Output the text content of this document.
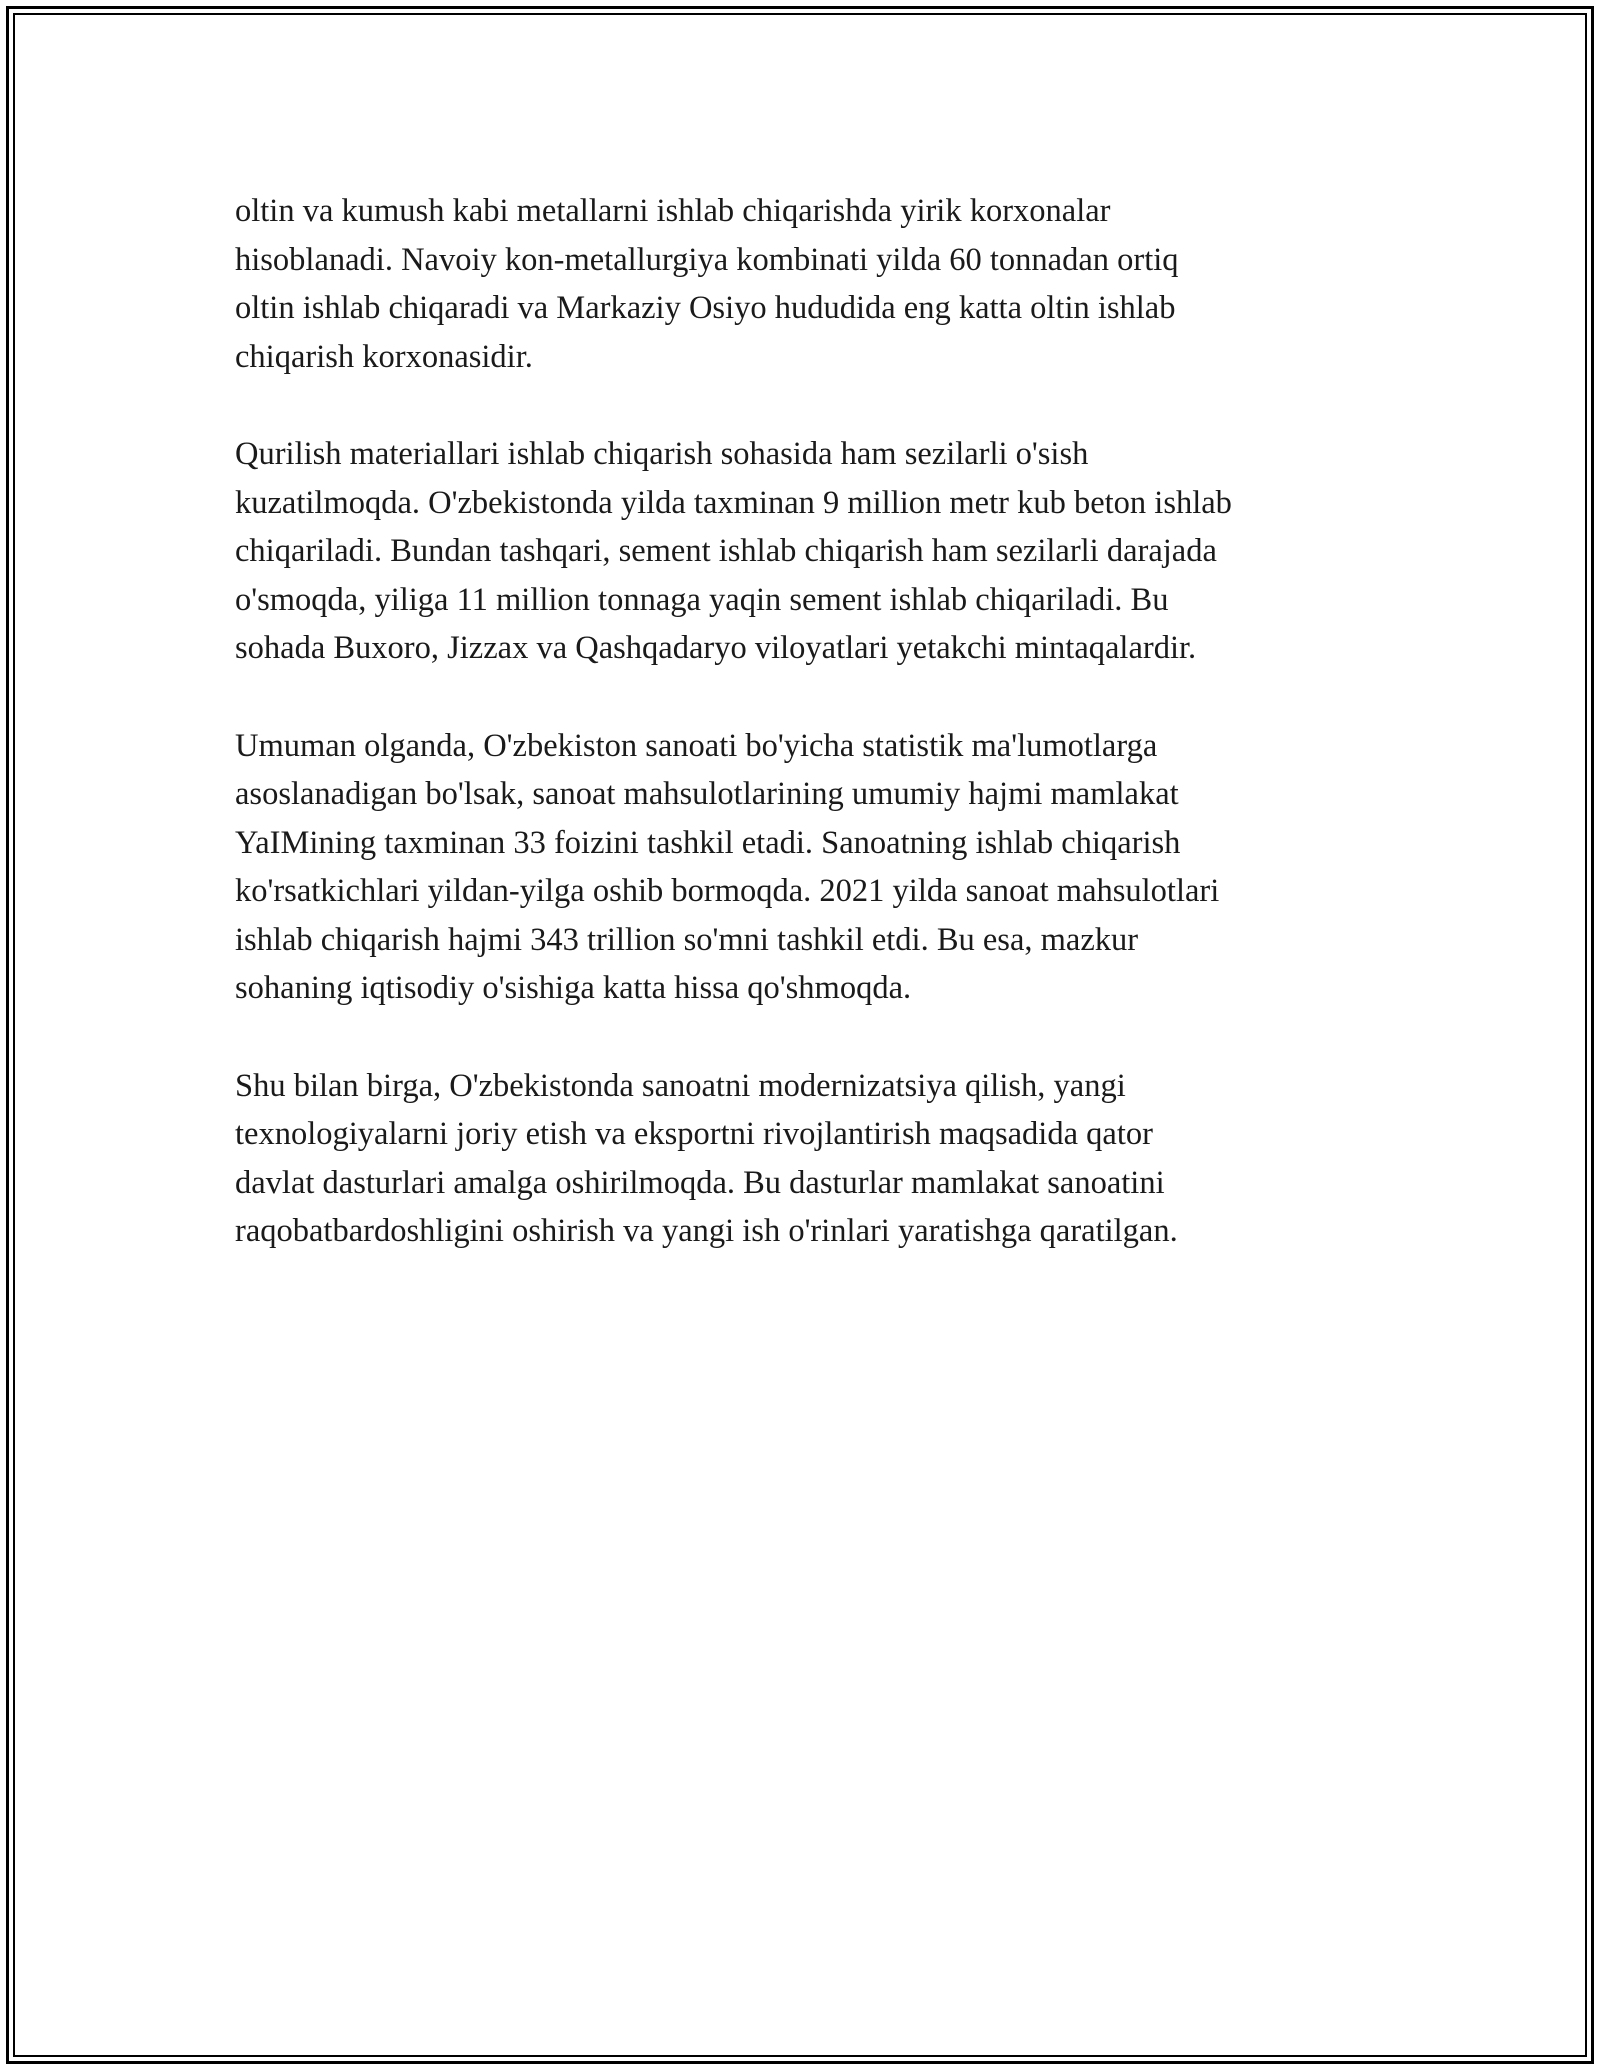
oltin va kumush kabi metallarni ishlab chiqarishda yirik korxonalar
hisoblanadi. Navoiy kon-metallurgiya kombinati yilda 60 tonnadan ortiq
oltin ishlab chiqaradi va Markaziy Osiyo hududida eng katta oltin ishlab
chiqarish korxonasidir.

Qurilish materiallari ishlab chiqarish sohasida ham sezilarli o'sish
kuzatilmoqda. O'zbekistonda yilda taxminan 9 million metr kub beton ishlab
chiqariladi. Bundan tashqari, sement ishlab chiqarish ham sezilarli darajada
o'smoqda, yiliga 11 million tonnaga yaqin sement ishlab chiqariladi. Bu
sohada Buxoro, Jizzax va Qashqadaryo viloyatlari yetakchi mintaqalardir.

Umuman olganda, O'zbekiston sanoati bo'yicha statistik ma'lumotlarga
asoslanadigan bo'lsak, sanoat mahsulotlarining umumiy hajmi mamlakat
YaIMining taxminan 33 foizini tashkil etadi. Sanoatning ishlab chiqarish
ko'rsatkichlari yildan-yilga oshib bormoqda. 2021 yilda sanoat mahsulotlari
ishlab chiqarish hajmi 343 trillion so'mni tashkil etdi. Bu esa, mazkur
sohaning iqtisodiy o'sishiga katta hissa qo'shmoqda.

Shu bilan birga, O'zbekistonda sanoatni modernizatsiya qilish, yangi
texnologiyalarni joriy etish va eksportni rivojlantirish maqsadida qator
davlat dasturlari amalga oshirilmoqda. Bu dasturlar mamlakat sanoatini
raqobatbardoshligini oshirish va yangi ish o'rinlari yaratishga qaratilgan.
